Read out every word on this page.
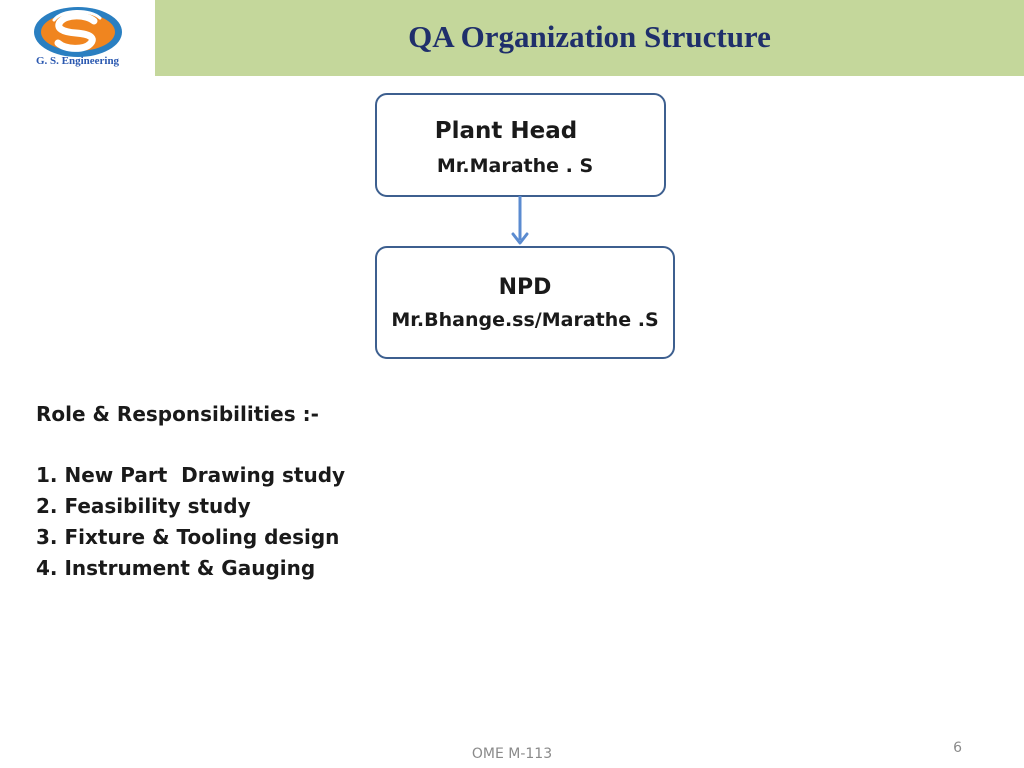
G. S. Engineering
QA Organization Structure
Plant Head
Mr.Marathe . S
NPD
Mr.Bhange.ss/Marathe .S

Role & Responsibilities :-

1. New Part  Drawing study
2. Feasibility study
3. Fixture & Tooling design
4. Instrument & Gauging
OME M-113	6
